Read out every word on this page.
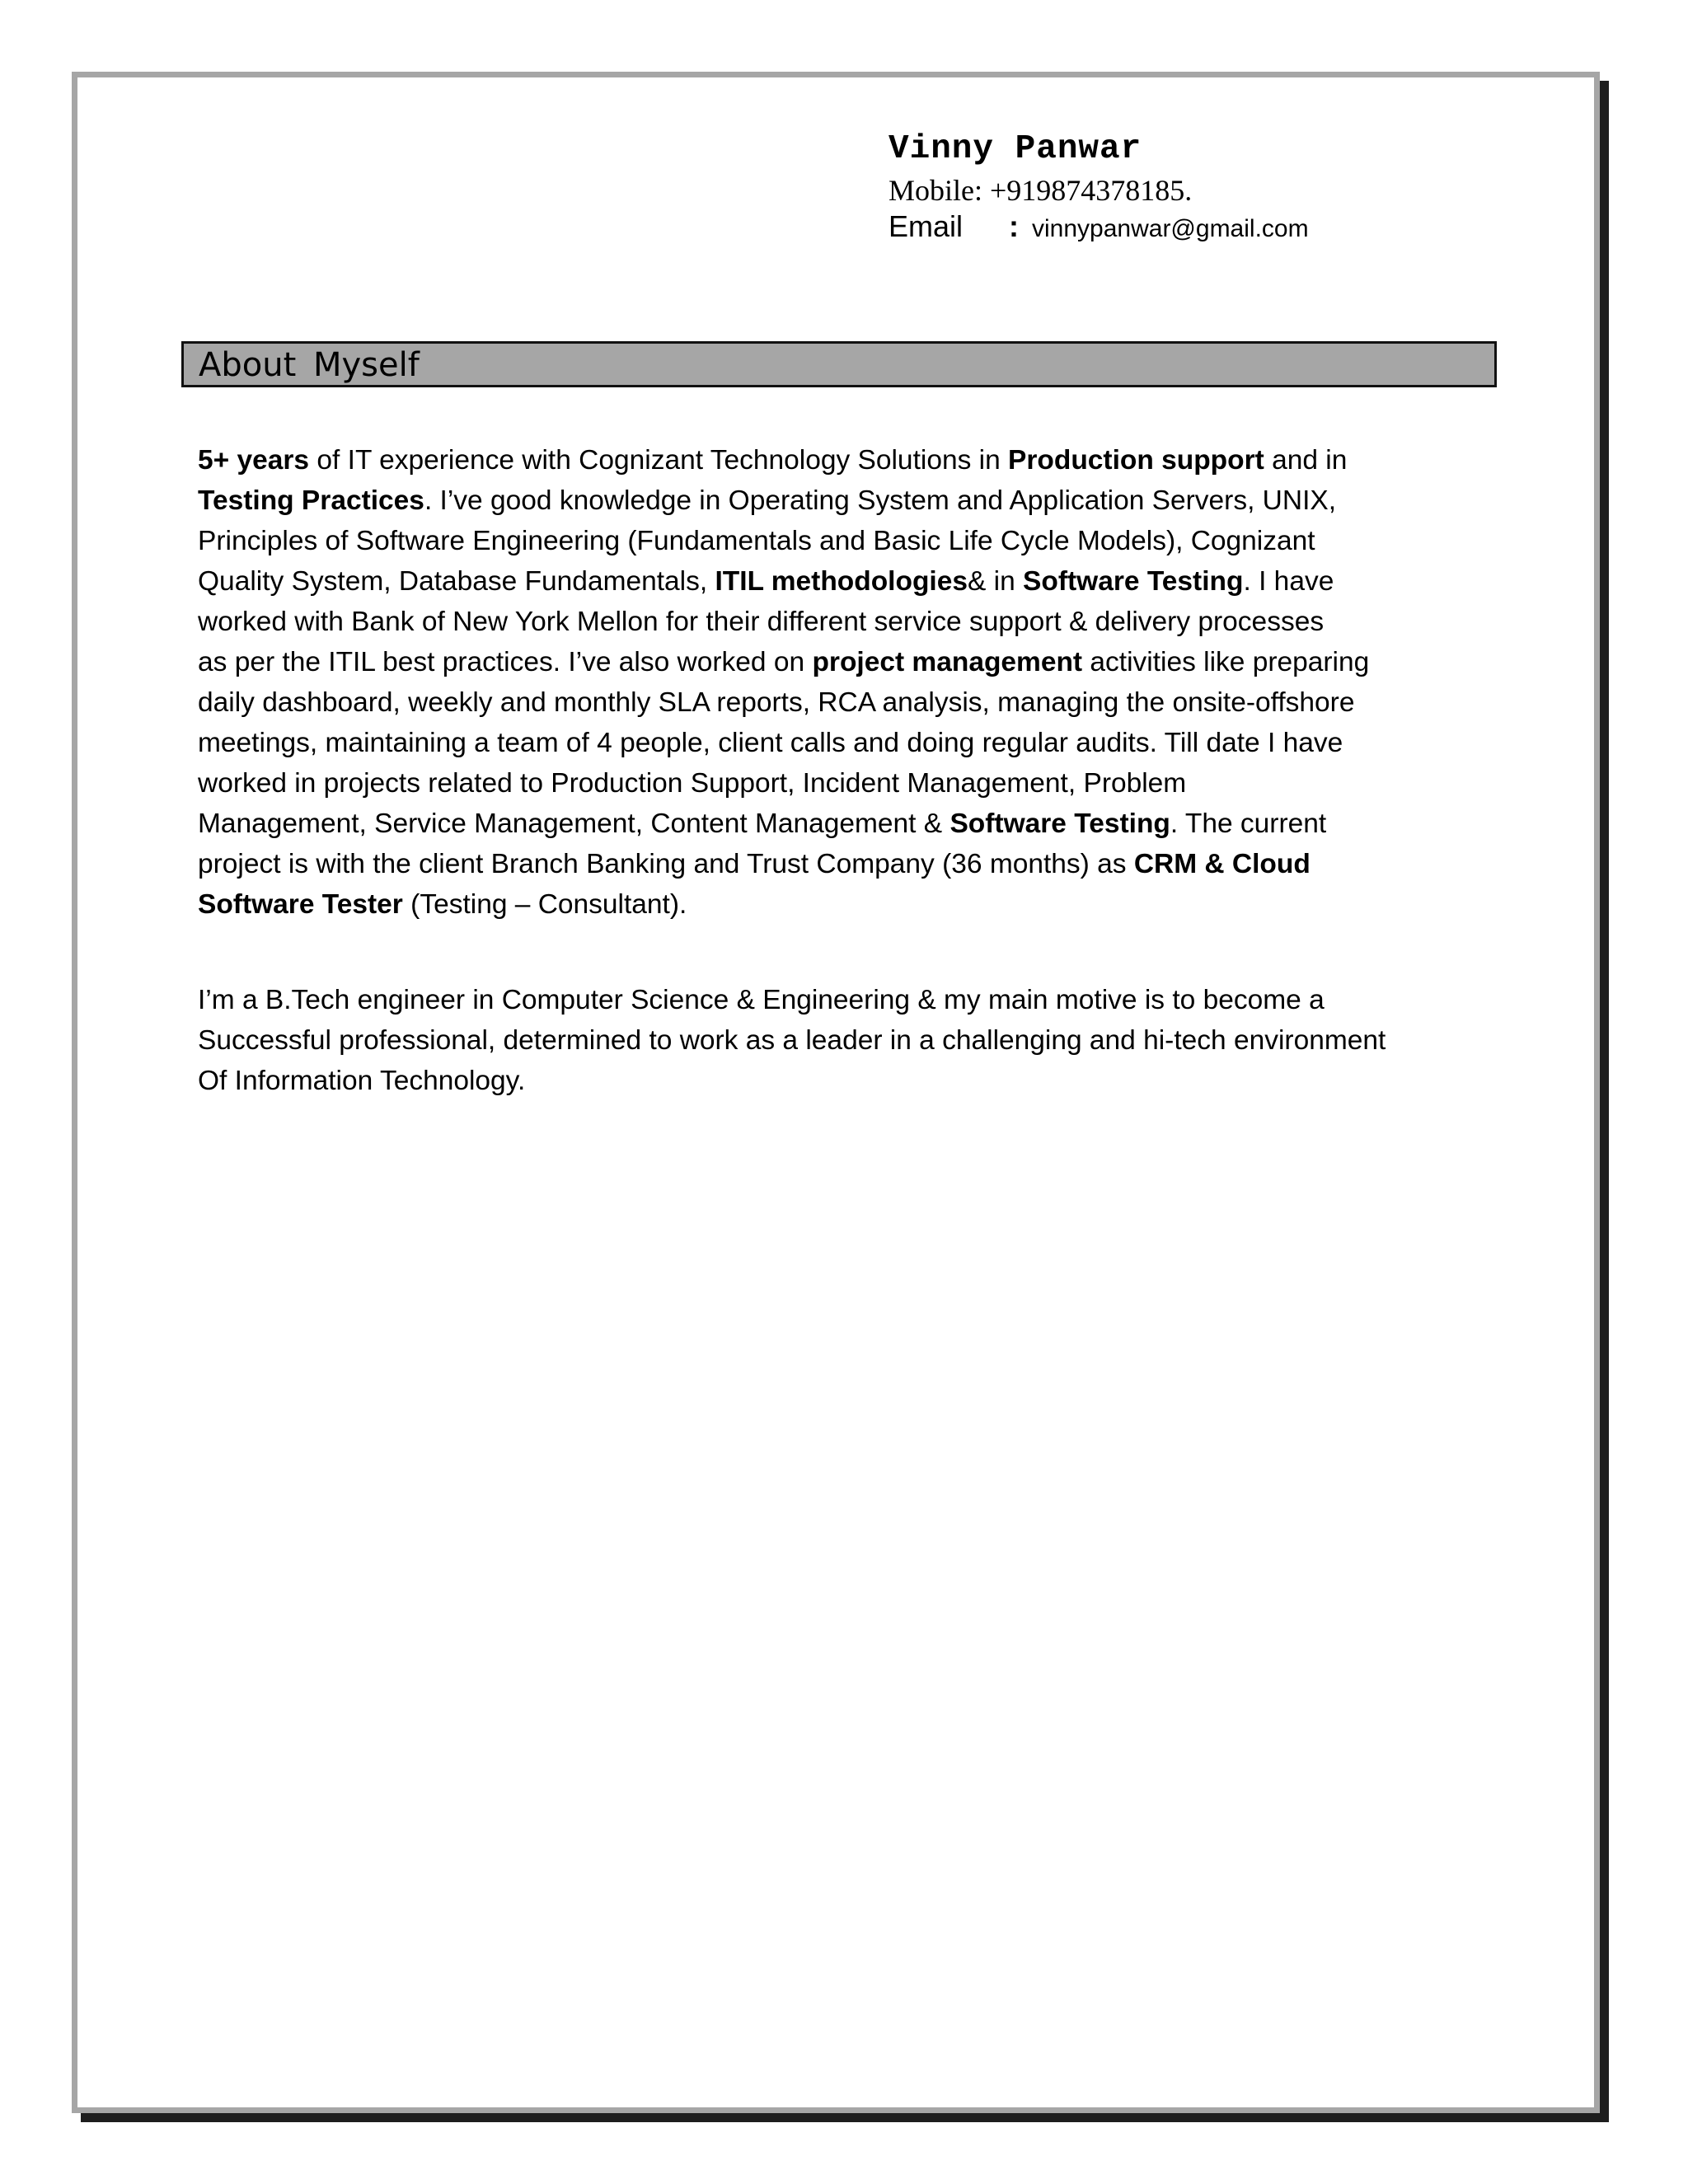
Vinny Panwar
Mobile: +919874378185.
Email : vinnypanwar@gmail.com
About Myself
5+ years of IT experience with Cognizant Technology Solutions in Production support and in
Testing Practices. I’ve good knowledge in Operating System and Application Servers, UNIX,
Principles of Software Engineering (Fundamentals and Basic Life Cycle Models), Cognizant
Quality System, Database Fundamentals, ITIL methodologies& in Software Testing. I have
worked with Bank of New York Mellon for their different service support & delivery processes
as per the ITIL best practices. I’ve also worked on project management activities like preparing
daily dashboard, weekly and monthly SLA reports, RCA analysis, managing the onsite-offshore
meetings, maintaining a team of 4 people, client calls and doing regular audits. Till date I have
worked in projects related to Production Support, Incident Management, Problem
Management, Service Management, Content Management & Software Testing. The current
project is with the client Branch Banking and Trust Company (36 months) as CRM & Cloud
Software Tester (Testing – Consultant).
I’m a B.Tech engineer in Computer Science & Engineering & my main motive is to become a
Successful professional, determined to work as a leader in a challenging and hi-tech environment
Of Information Technology.
